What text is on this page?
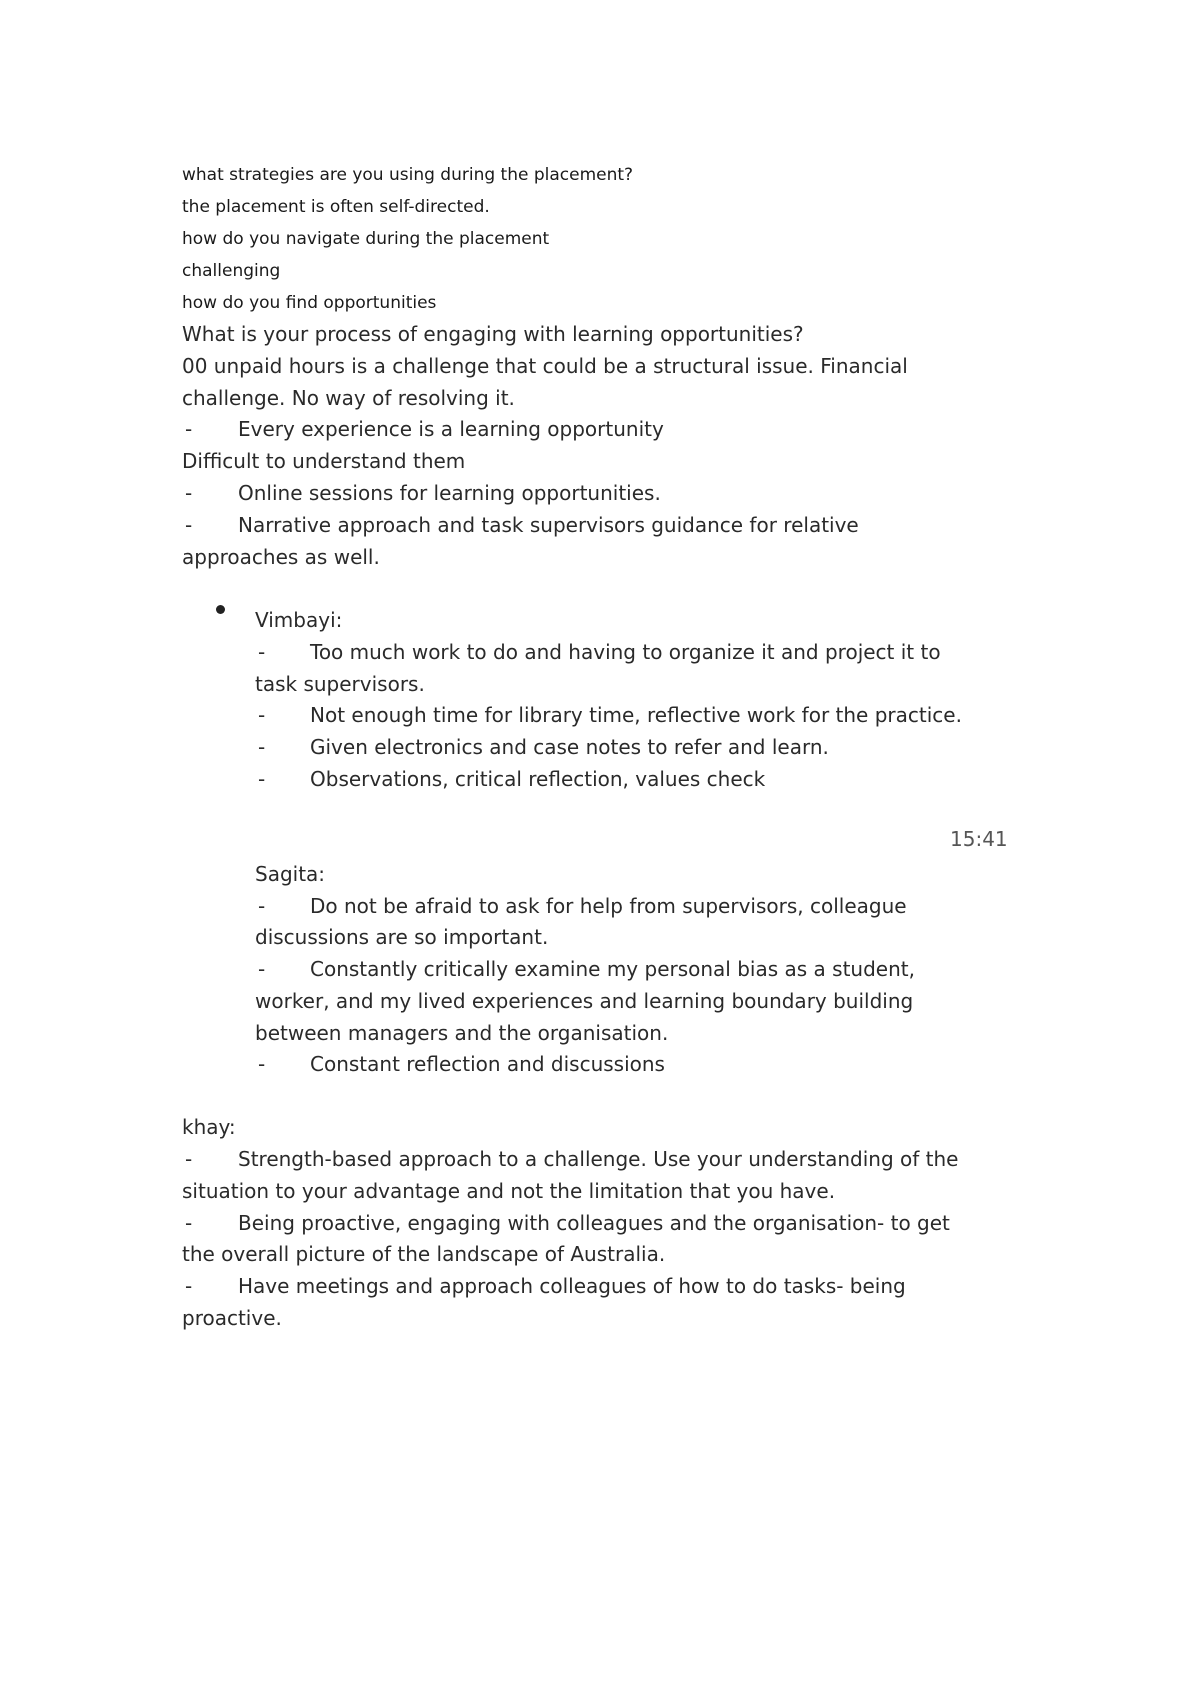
what strategies are you using during the placement?
the placement is often self-directed.
how do you navigate during the placement
challenging
how do you find opportunities
What is your process of engaging with learning opportunities?
00 unpaid hours is a challenge that could be a structural issue. Financial
challenge. No way of resolving it.
- Every experience is a learning opportunity
Difficult to understand them
- Online sessions for learning opportunities.
- Narrative approach and task supervisors guidance for relative
approaches as well.
Vimbayi:
- Too much work to do and having to organize it and project it to
task supervisors.
- Not enough time for library time, reflective work for the practice.
- Given electronics and case notes to refer and learn.
- Observations, critical reflection, values check
15:41
Sagita:
- Do not be afraid to ask for help from supervisors, colleague
discussions are so important.
- Constantly critically examine my personal bias as a student,
worker, and my lived experiences and learning boundary building
between managers and the organisation.
- Constant reflection and discussions
khay:
- Strength-based approach to a challenge. Use your understanding of the
situation to your advantage and not the limitation that you have.
- Being proactive, engaging with colleagues and the organisation- to get
the overall picture of the landscape of Australia.
- Have meetings and approach colleagues of how to do tasks- being
proactive.
